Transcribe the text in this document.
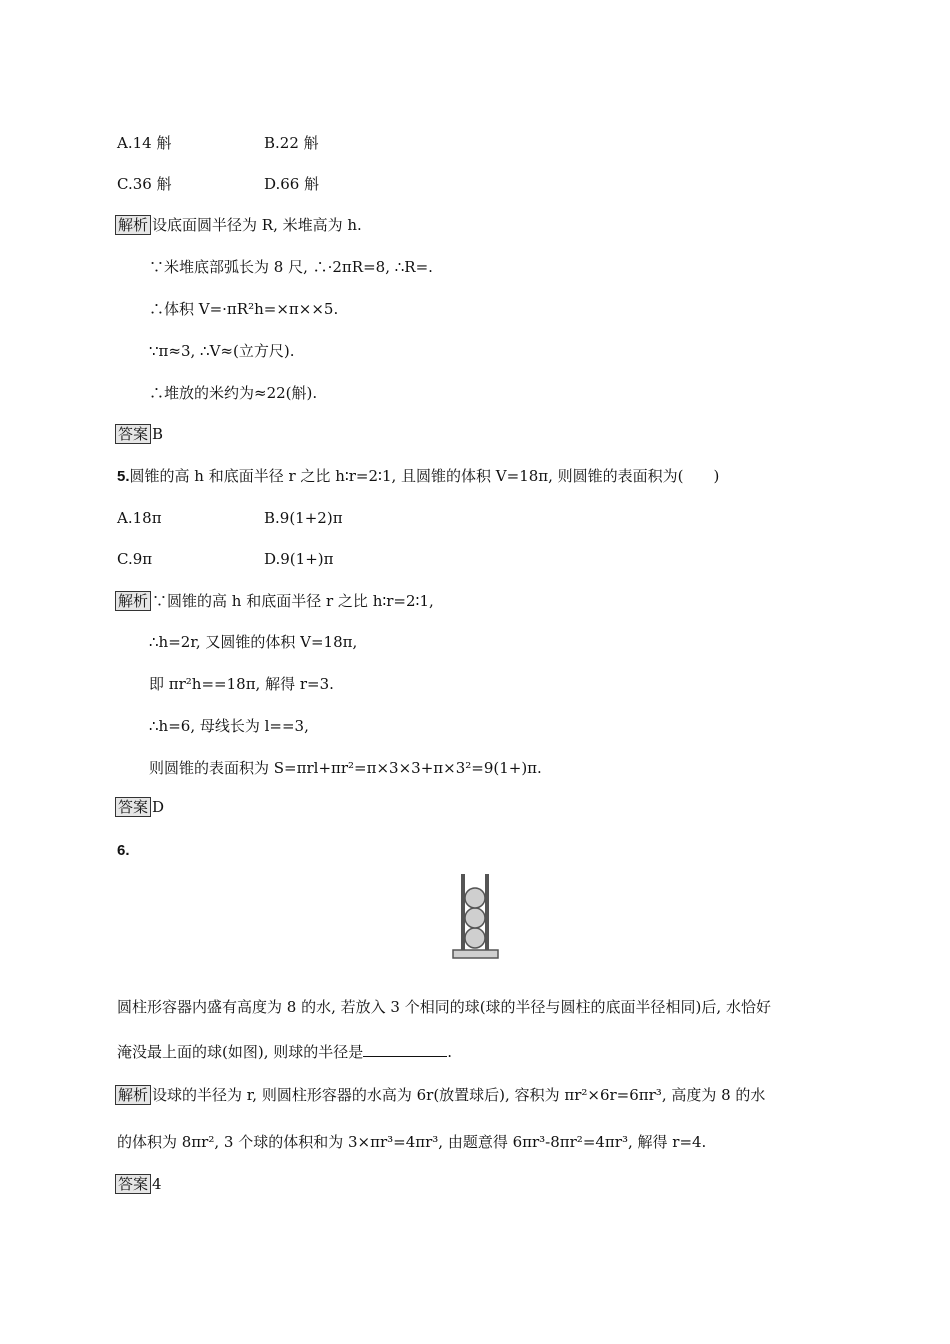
A.14 斛	B.22 斛
C.36 斛	D.66 斛
解析 设底面圆半径为 R, 米堆高为 h.
∵米堆底部弧长为 8 尺, ∴·2πR=8, ∴R=.
∴体积 V=·πR²h=×π××5.
∵π≈3, ∴V≈(立方尺).
∴堆放的米约为≈22(斛).
答案 B
5.圆锥的高 h 和底面半径 r 之比 h∶r=2∶1, 且圆锥的体积 V=18π, 则圆锥的表面积为( )
A.18π	B.9(1+2)π
C.9π	D.9(1+)π
解析 ∵圆锥的高 h 和底面半径 r 之比 h∶r=2∶1,
∴h=2r, 又圆锥的体积 V=18π,
即 πr²h==18π, 解得 r=3.
∴h=6, 母线长为 l==3,
则圆锥的表面积为 S=πrl+πr²=π×3×3+π×3²=9(1+)π.
答案 D
6.
圆柱形容器内盛有高度为 8 的水, 若放入 3 个相同的球(球的半径与圆柱的底面半径相同)后, 水恰好
淹没最上面的球(如图), 则球的半径是	.
解析 设球的半径为 r, 则圆柱形容器的水高为 6r(放置球后), 容积为 πr²×6r=6πr³, 高度为 8 的水
的体积为 8πr², 3 个球的体积和为 3×πr³=4πr³, 由题意得 6πr³-8πr²=4πr³, 解得 r=4.
答案 4
